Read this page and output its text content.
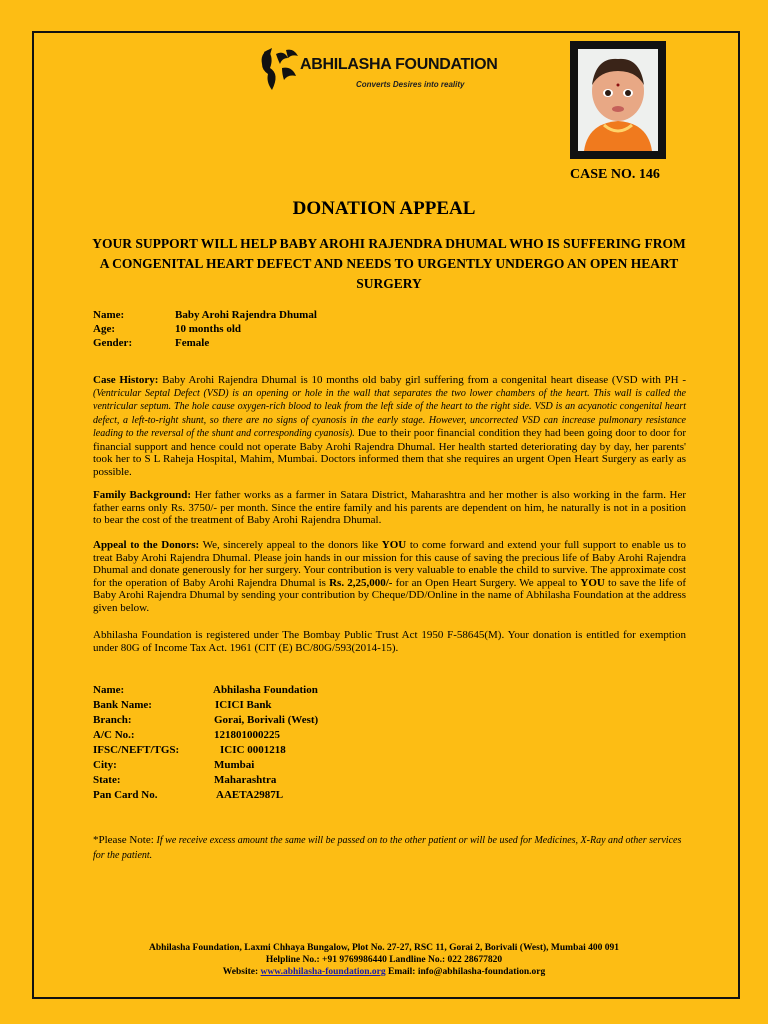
ABHILASHA FOUNDATION
Converts Desires into reality
CASE NO. 146
DONATION APPEAL
YOUR SUPPORT WILL HELP BABY AROHI RAJENDRA DHUMAL WHO IS SUFFERING FROM A CONGENITAL HEART DEFECT AND NEEDS TO URGENTLY UNDERGO AN OPEN HEART SURGERY
Name:	Baby Arohi Rajendra Dhumal
Age:	10 months old
Gender:	Female
Case History: Baby Arohi Rajendra Dhumal is 10 months old baby girl suffering from a congenital heart disease (VSD with PH - (Ventricular Septal Defect (VSD) is an opening or hole in the wall that separates the two lower chambers of the heart. This wall is called the ventricular septum. The hole cause oxygen-rich blood to leak from the left side of the heart to the right side. VSD is an acyanotic congenital heart defect, a left-to-right shunt, so there are no signs of cyanosis in the early stage. However, uncorrected VSD can increase pulmonary resistance leading to the reversal of the shunt and corresponding cyanosis). Due to their poor financial condition they had been going door to door for financial support and hence could not operate Baby Arohi Rajendra Dhumal. Her health started deteriorating day by day, her parents' took her to S L Raheja Hospital, Mahim, Mumbai. Doctors informed them that she requires an urgent Open Heart Surgery as early as possible.
Family Background: Her father works as a farmer in Satara District, Maharashtra and her mother is also working in the farm. Her father earns only Rs. 3750/- per month. Since the entire family and his parents are dependent on him, he naturally is not in a position to bear the cost of the treatment of Baby Arohi Rajendra Dhumal.
Appeal to the Donors: We, sincerely appeal to the donors like YOU to come forward and extend your full support to enable us to treat Baby Arohi Rajendra Dhumal. Please join hands in our mission for this cause of saving the precious life of Baby Arohi Rajendra Dhumal and donate generously for her surgery. Your contribution is very valuable to enable the child to survive. The approximate cost for the operation of Baby Arohi Rajendra Dhumal is Rs. 2,25,000/- for an Open Heart Surgery. We appeal to YOU to save the life of Baby Arohi Rajendra Dhumal by sending your contribution by Cheque/DD/Online in the name of Abhilasha Foundation at the address given below.
Abhilasha Foundation is registered under The Bombay Public Trust Act 1950 F-58645(M). Your donation is entitled for exemption under 80G of Income Tax Act. 1961 (CIT (E) BC/80G/593(2014-15).
Name:	Abhilasha Foundation
Bank Name:	ICICI Bank
Branch:	Gorai, Borivali (West)
A/C No.:	121801000225
IFSC/NEFT/TGS:	ICIC 0001218
City:	Mumbai
State:	Maharashtra
Pan Card No.	AAETA2987L
*Please Note: If we receive excess amount the same will be passed on to the other patient or will be used for Medicines, X-Ray and other services for the patient.
Abhilasha Foundation, Laxmi Chhaya Bungalow, Plot No. 27-27, RSC 11, Gorai 2, Borivali (West), Mumbai 400 091
Helpline No.: +91 9769986440 Landline No.: 022 28677820
Website: www.abhilasha-foundation.org Email: info@abhilasha-foundation.org
